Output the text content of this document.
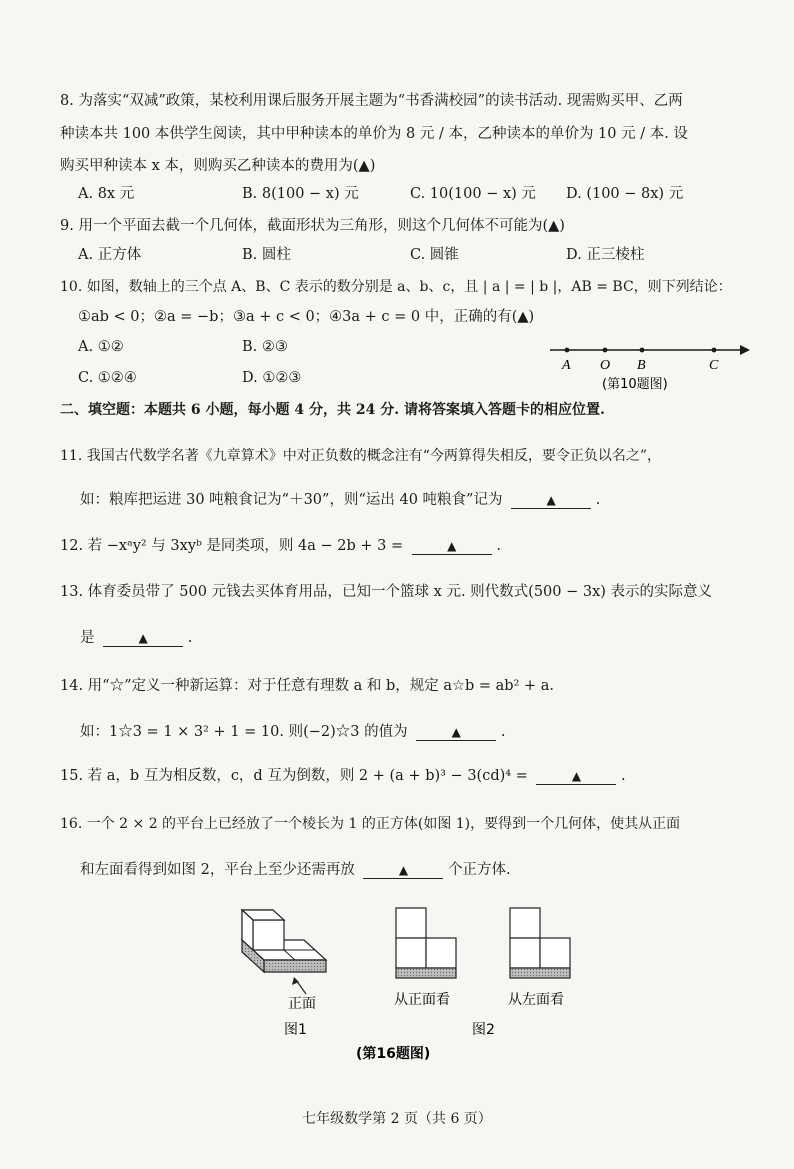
8. 为落实“双减”政策，某校利用课后服务开展主题为“书香满校园”的读书活动. 现需购买甲、乙两
种读本共 100 本供学生阅读，其中甲种读本的单价为 8 元 / 本，乙种读本的单价为 10 元 / 本. 设
购买甲种读本 x 本，则购买乙种读本的费用为(▲)
A. 8x 元	B. 8(100 − x) 元	C. 10(100 − x) 元 D. (100 − 8x) 元
9. 用一个平面去截一个几何体，截面形状为三角形，则这个几何体不可能为(▲)
A. 正方体	B. 圆柱	C. 圆锥	D. 正三棱柱
10. 如图，数轴上的三个点 A、B、C 表示的数分别是 a、b、c，且 | a | = | b |，AB = BC，则下列结论：
①ab < 0；②a = −b；③a + c < 0；④3a + c = 0 中，正确的有(▲)
A. ①②	B. ②③
C. ①②④	D. ①②③
A O B	C
(第10题图)
二、填空题：本题共 6 小题，每小题 4 分，共 24 分. 请将答案填入答题卡的相应位置.
11. 我国古代数学名著《九章算术》中对正负数的概念注有“今两算得失相反，要令正负以名之”，
如：粮库把运进 30 吨粮食记为“＋30”，则“运出 40 吨粮食”记为	▲ .
12. 若 −xᵃy² 与 3xyᵇ 是同类项，则 4a − 2b + 3 =	▲ .
13. 体育委员带了 500 元钱去买体育用品，已知一个篮球 x 元. 则代数式(500 − 3x) 表示的实际意义
是	▲ .
14. 用“☆”定义一种新运算：对于任意有理数 a 和 b，规定 a☆b = ab² + a.
如：1☆3 = 1 × 3² + 1 = 10. 则(−2)☆3 的值为	▲ .
15. 若 a，b 互为相反数，c，d 互为倒数，则 2 + (a + b)³ − 3(cd)⁴ =	▲ .
16. 一个 2 × 2 的平台上已经放了一个棱长为 1 的正方体(如图 1)，要得到一个几何体，使其从正面
和左面看得到如图 2，平台上至少还需再放	▲	个正方体.
正面
图1
从正面看	从左面看
图2
(第16题图)
七年级数学第 2 页（共 6 页）
